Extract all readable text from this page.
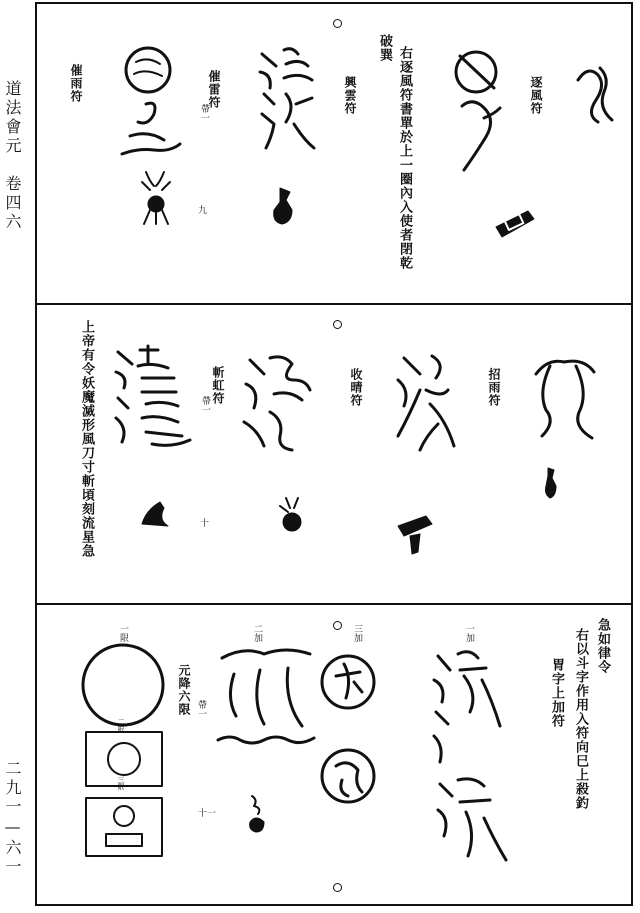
道法會元　卷四六
二九一—六一
逐風符
右逐風符書單於上一圈內入使者閉乾
破巽
興雲符
催雷符
帶一
九
催雨符
招雨符
收晴符
斬虹符
帶一
十
上帝有令妖魔滅形風刀寸斬頃刻流星急
急如律令
右以斗字作用入符向巳上殺釣
胃字上加符
一加
三加
二加
十一
元降六限 帶一
一限
二限
三限
